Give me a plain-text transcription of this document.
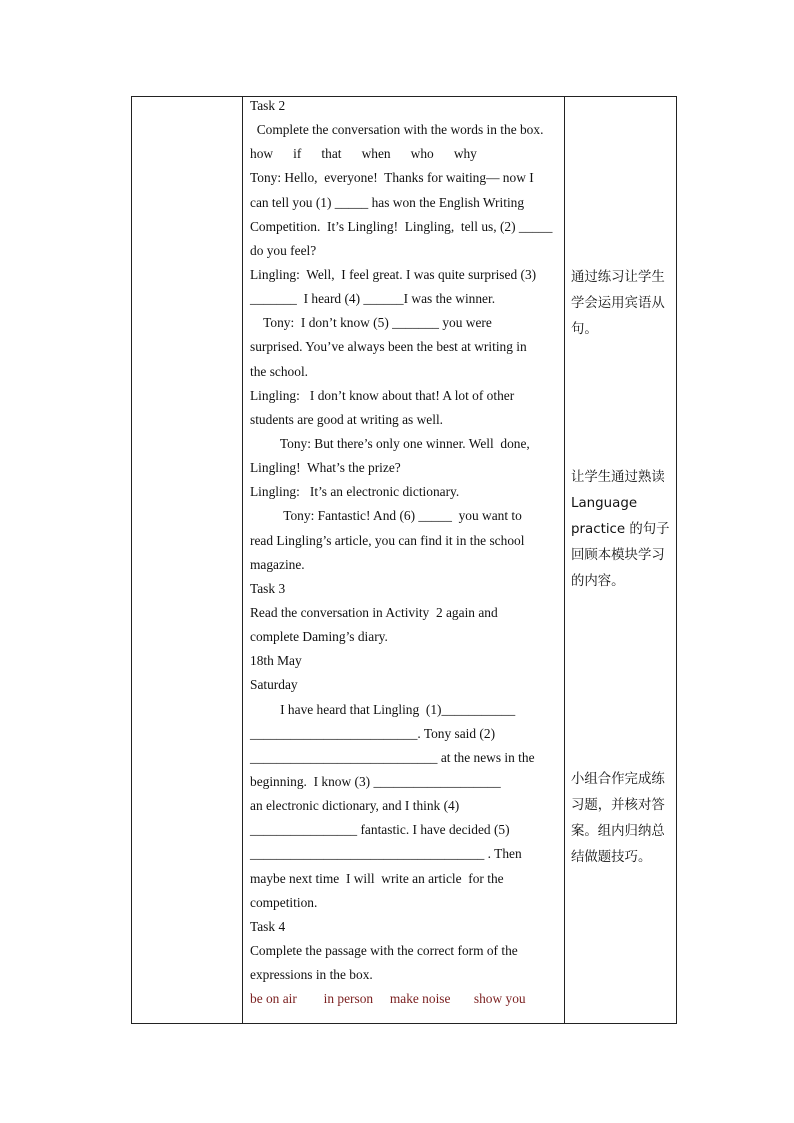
Task 2
Complete the conversation with the words in the box.
how      if      that      when      who      why
Tony: Hello,  everyone!  Thanks for waiting— now I
can tell you (1) _____ has won the English Writing
Competition.  It’s Lingling!  Lingling,  tell us, (2) _____
do you feel?
Lingling:  Well,  I feel great. I was quite surprised (3)
_______  I heard (4) ______I was the winner.
Tony:  I don’t know (5) _______ you were
surprised. You’ve always been the best at writing in
the school.
Lingling:   I don’t know about that! A lot of other
students are good at writing as well.
Tony: But there’s only one winner. Well  done,
Lingling!  What’s the prize?
Lingling:   It’s an electronic dictionary.
Tony: Fantastic! And (6) _____  you want to
read Lingling’s article, you can find it in the school
magazine.
Task 3
Read the conversation in Activity  2 again and
complete Daming’s diary.
18th May
Saturday
I have heard that Lingling  (1)___________
_________________________. Tony said (2)
____________________________ at the news in the
beginning.  I know (3) ___________________
an electronic dictionary, and I think (4)
________________ fantastic. I have decided (5)
___________________________________ . Then
maybe next time  I will  write an article  for the
competition.
Task 4
Complete the passage with the correct form of the
expressions in the box.
be on air        in person     make noise       show you
通过练习让学生
学会运用宾语从
句。
让学生通过熟读
Language
practice 的句子
回顾本模块学习
的内容。
小组合作完成练
习题，并核对答
案。组内归纳总
结做题技巧。
